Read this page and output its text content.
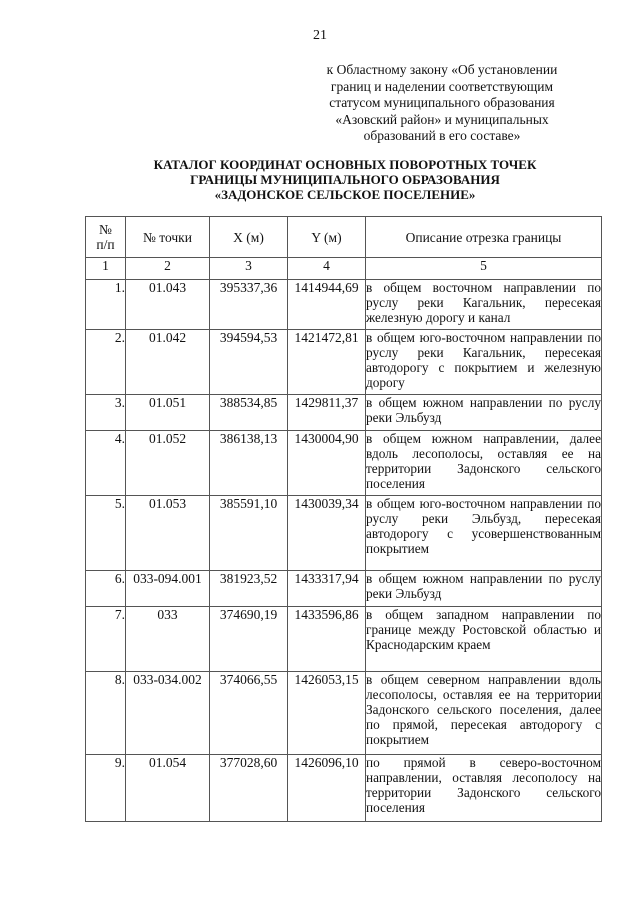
21
к Областному закону «Об установлении
границ и наделении соответствующим
статусом муниципального образования
«Азовский район» и муниципальных
образований в его составе»
КАТАЛОГ КООРДИНАТ ОСНОВНЫХ ПОВОРОТНЫХ ТОЧЕК
ГРАНИЦЫ МУНИЦИПАЛЬНОГО ОБРАЗОВАНИЯ
«ЗАДОНСКОЕ СЕЛЬСКОЕ ПОСЕЛЕНИЕ»
№
п/п	№ точки	X (м)	Y (м)	Описание отрезка границы
1	2	3	4	5
1.	01.043	395337,36	1414944,69	в общем восточном направлении по руслу реки Кагальник, пересекая железную дорогу и канал
2.	01.042	394594,53	1421472,81	в общем юго-восточном направлении по руслу реки Кагальник, пересекая автодорогу с покрытием и железную дорогу
3.	01.051	388534,85	1429811,37	в общем южном направлении по руслу реки Эльбузд
4.	01.052	386138,13	1430004,90	в общем южном направлении, далее вдоль лесополосы, оставляя ее на территории Задонского сельского поселения
5.	01.053	385591,10	1430039,34	в общем юго-восточном направлении по руслу реки Эльбузд, пересекая автодорогу с усовершенствованным покрытием
6.	033-094.001	381923,52	1433317,94	в общем южном направлении по руслу реки Эльбузд
7.	033	374690,19	1433596,86	в общем западном направлении по границе между Ростовской областью и Краснодарским краем
8.	033-034.002	374066,55	1426053,15	в общем северном направлении вдоль лесополосы, оставляя ее на территории Задонского сельского поселения, далее по прямой, пересекая автодорогу с покрытием
9.	01.054	377028,60	1426096,10	по прямой в северо-восточном направлении, оставляя лесополосу на территории Задонского сельского поселения
